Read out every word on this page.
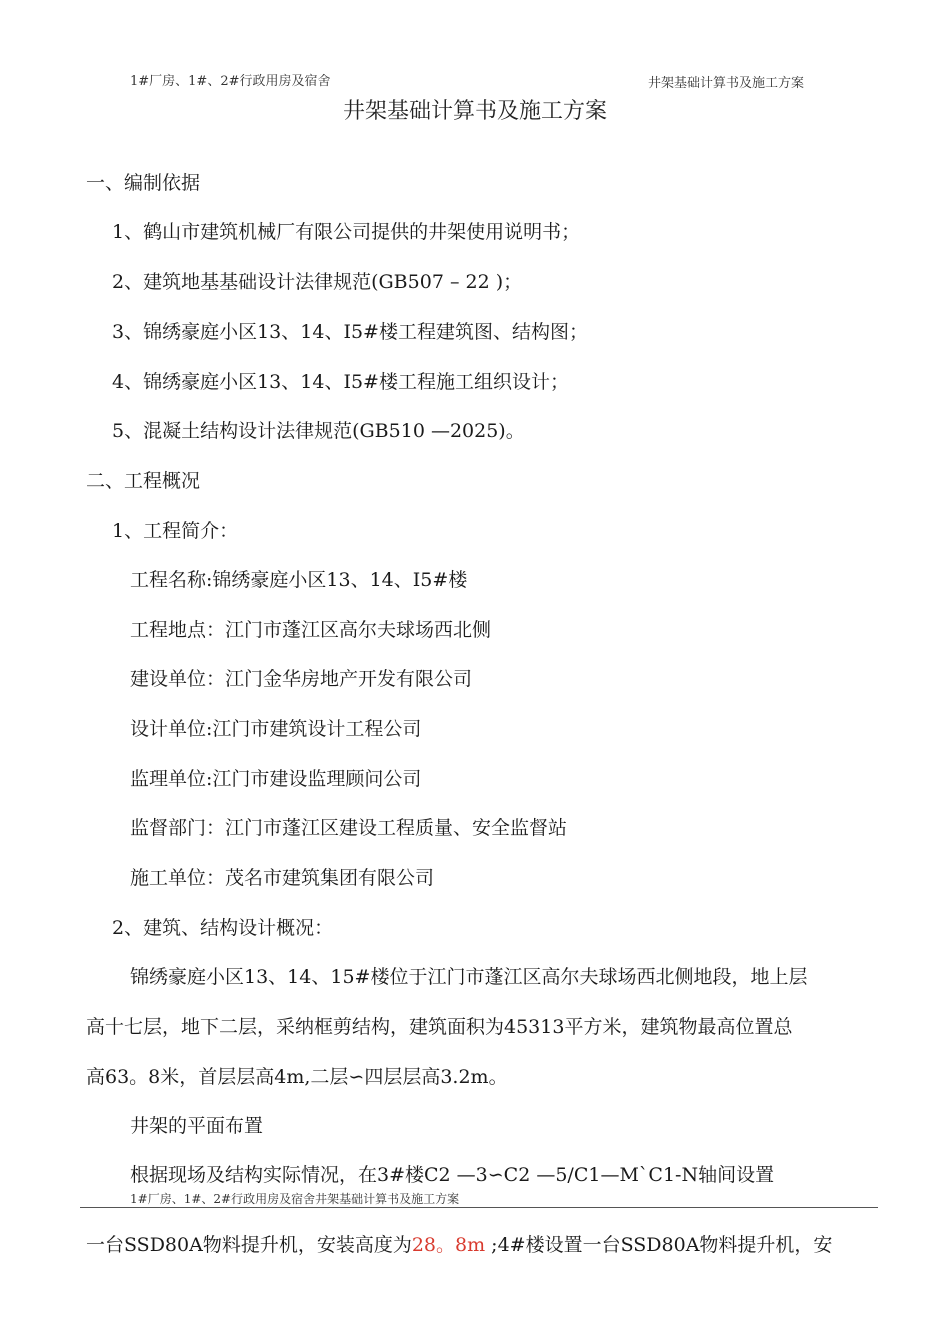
1#厂房、1#、2#行政用房及宿舍	井架基础计算书及施工方案
井架基础计算书及施工方案
一、编制依据
1、鹤山市建筑机械厂有限公司提供的井架使用说明书；
2、建筑地基基础设计法律规范(GB507 – 22 )；
3、锦绣豪庭小区13、14、I5#楼工程建筑图、结构图；
4、锦绣豪庭小区13、14、I5#楼工程施工组织设计；
5、混凝土结构设计法律规范(GB510 —2025)。
二、工程概况
1、工程简介：
工程名称:锦绣豪庭小区13、14、I5#楼
工程地点：江门市蓬江区高尔夫球场西北侧
建设单位：江门金华房地产开发有限公司
设计单位:江门市建筑设计工程公司
监理单位:江门市建设监理顾问公司
监督部门：江门市蓬江区建设工程质量、安全监督站
施工单位：茂名市建筑集团有限公司
2、建筑、结构设计概况：
锦绣豪庭小区13、14、15#楼位于江门市蓬江区高尔夫球场西北侧地段，地上层
高十七层，地下二层，采纳框剪结构，建筑面积为45313平方米，建筑物最高位置总
高63。8米，首层层高4m,二层∽四层层高3.2m。
井架的平面布置
根据现场及结构实际情况，在3#楼C2 —3∽C2 —5/C1—M`C1-N轴间设置
1#厂房、1#、2#行政用房及宿舍井架基础计算书及施工方案
一台SSD80A物料提升机，安装高度为28。8m ;4#楼设置一台SSD80A物料提升机，安
